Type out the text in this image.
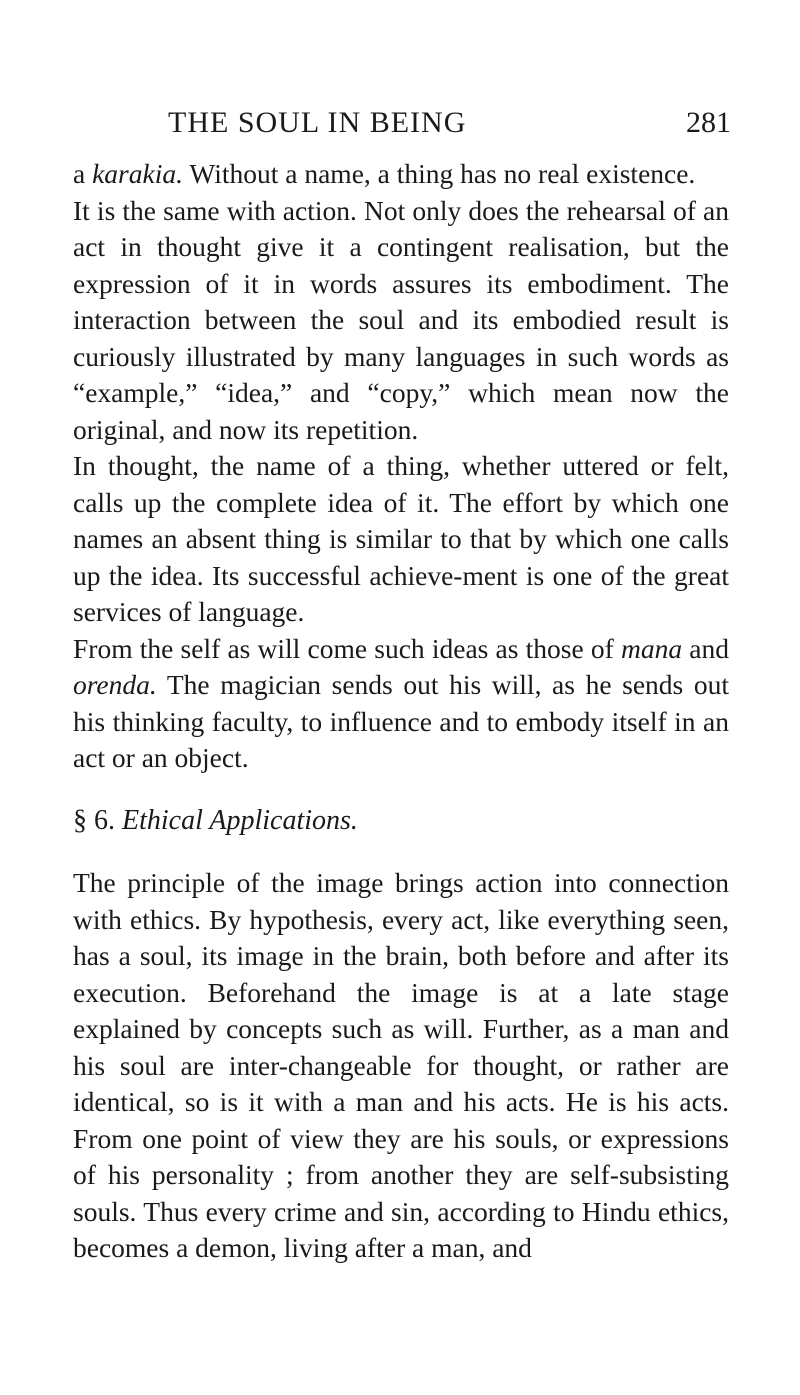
THE SOUL IN BEING	281

a karakia. Without a name, a thing has no real existence.

It is the same with action. Not only does the rehearsal of an act in thought give it a contingent realisation, but the expression of it in words assures its embodiment. The interaction between the soul and its embodied result is curiously illustrated by many languages in such words as “example,” “idea,” and “copy,” which mean now the original, and now its repetition.

In thought, the name of a thing, whether uttered or felt, calls up the complete idea of it. The effort by which one names an absent thing is similar to that by which one calls up the idea. Its successful achieve-ment is one of the great services of language.

From the self as will come such ideas as those of mana and orenda. The magician sends out his will, as he sends out his thinking faculty, to influence and to embody itself in an act or an object.

§ 6. Ethical Applications.

The principle of the image brings action into connection with ethics. By hypothesis, every act, like everything seen, has a soul, its image in the brain, both before and after its execution. Beforehand the image is at a late stage explained by concepts such as will. Further, as a man and his soul are inter-changeable for thought, or rather are identical, so is it with a man and his acts. He is his acts. From one point of view they are his souls, or expressions of his personality ; from another they are self-subsisting souls. Thus every crime and sin, according to Hindu ethics, becomes a demon, living after a man, and
